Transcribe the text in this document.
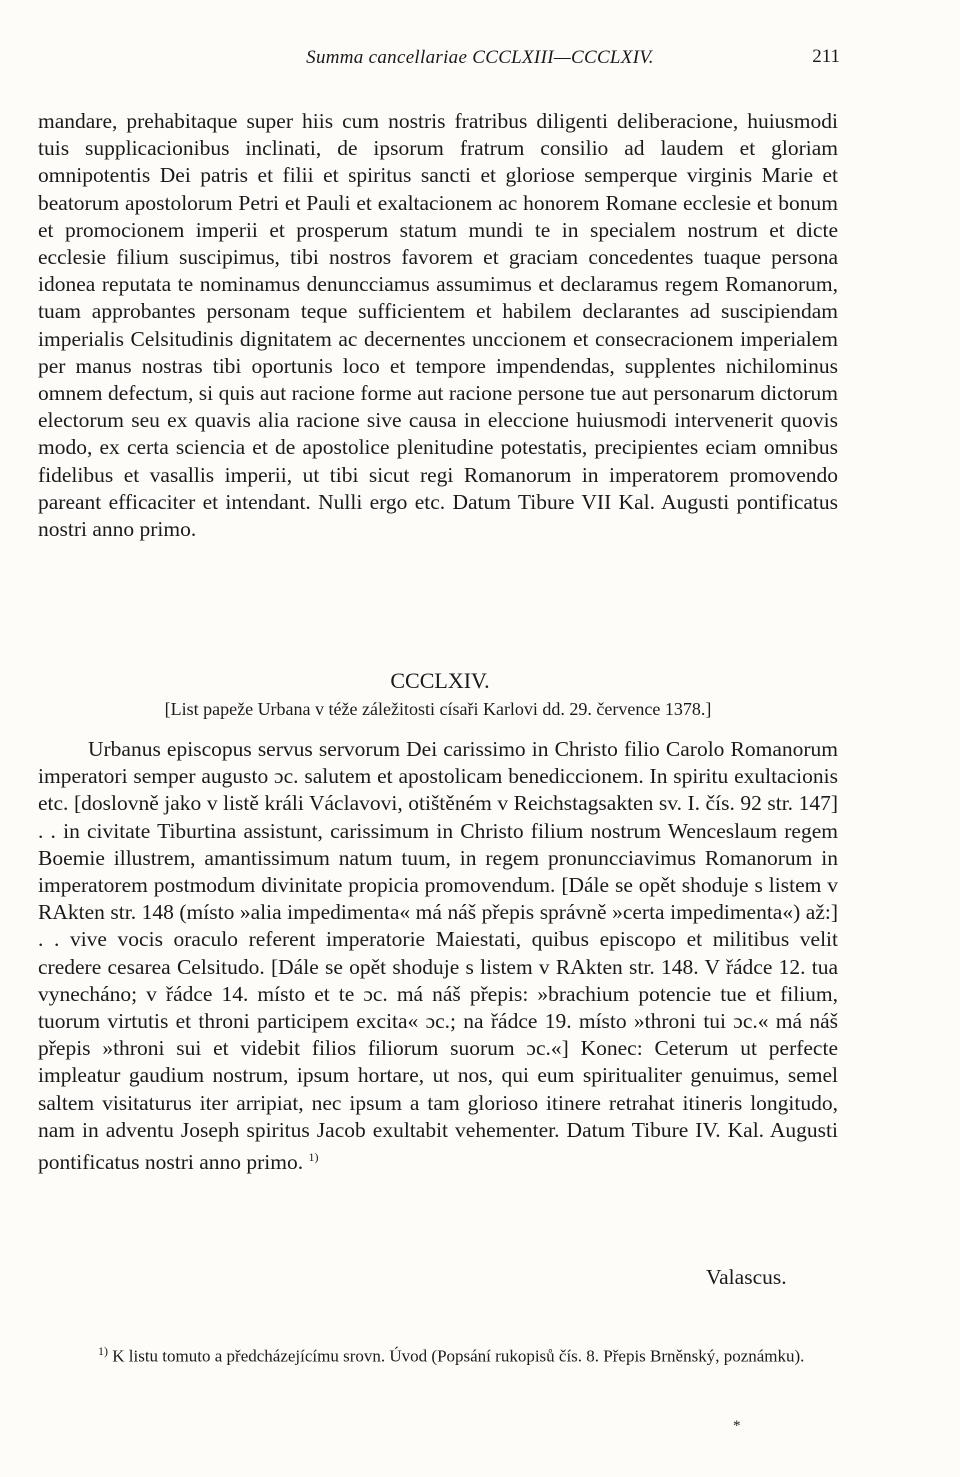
Summa cancellariae CCCLXIII—CCCLXIV.	211

mandare, prehabitaque super hiis cum nostris fratribus diligenti deliberacione, huiusmodi tuis supplicacionibus inclinati, de ipsorum fratrum consilio ad laudem et gloriam omnipotentis Dei patris et filii et spiritus sancti et gloriose semperque virginis Marie et beatorum apostolorum Petri et Pauli et exaltacionem ac honorem Romane ecclesie et bonum et promocionem imperii et prosperum statum mundi te in specialem nostrum et dicte ecclesie filium suscipimus, tibi nostros favorem et graciam concedentes tuaque persona idonea reputata te nominamus denuncciamus assumimus et declaramus regem Romanorum, tuam approbantes personam teque sufficientem et habilem declarantes ad suscipiendam imperialis Celsitudinis dignitatem ac decernentes unccionem et consecracionem imperialem per manus nostras tibi oportunis loco et tempore impendendas, supplentes nichilominus omnem defectum, si quis aut racione forme aut racione persone tue aut personarum dictorum electorum seu ex quavis alia racione sive causa in eleccione huiusmodi intervenerit quovis modo, ex certa sciencia et de apostolice plenitudine potestatis, precipientes eciam omnibus fidelibus et vasallis imperii, ut tibi sicut regi Romanorum in imperatorem promovendo pareant efficaciter et intendant. Nulli ergo etc. Datum Tibure VII Kal. Augusti pontificatus nostri anno primo.

CCCLXIV.
[List papeže Urbana v téže záležitosti císaři Karlovi dd. 29. července 1378.]

Urbanus episcopus servus servorum Dei carissimo in Christo filio Carolo Romanorum imperatori semper augusto ɔc. salutem et apostolicam benediccionem. In spiritu exultacionis etc. [doslovně jako v listě králi Václavovi, otištěném v Reichstagsakten sv. I. čís. 92 str. 147] . . in civitate Tiburtina assistunt, carissimum in Christo filium nostrum Wenceslaum regem Boemie illustrem, amantissimum natum tuum, in regem pronuncciavimus Romanorum in imperatorem postmodum divinitate propicia promovendum. [Dále se opět shoduje s listem v RAkten str. 148 (místo »alia impedimenta« má náš přepis správně »certa impedimenta«) až:] . . vive vocis oraculo referent imperatorie Maiestati, quibus episcopo et militibus velit credere cesarea Celsitudo. [Dále se opět shoduje s listem v RAkten str. 148. V řádce 12. tua vynecháno; v řádce 14. místo et te ɔc. má náš přepis: »brachium potencie tue et filium, tuorum virtutis et throni participem excita« ɔc.; na řádce 19. místo »throni tui ɔc.« má náš přepis »throni sui et videbit filios filiorum suorum ɔc.«] Konec: Ceterum ut perfecte impleatur gaudium nostrum, ipsum hortare, ut nos, qui eum spiritualiter genuimus, semel saltem visitaturus iter arripiat, nec ipsum a tam glorioso itinere retrahat itineris longitudo, nam in adventu Joseph spiritus Jacob exultabit vehementer. Datum Tibure IV. Kal. Augusti pontificatus nostri anno primo. $^{1)}$

Valascus.

$^{1)}$ K listu tomuto a předcházejícímu srovn. Úvod (Popsání rukopisů čís. 8. Přepis Brněnský, poznámku).

*
